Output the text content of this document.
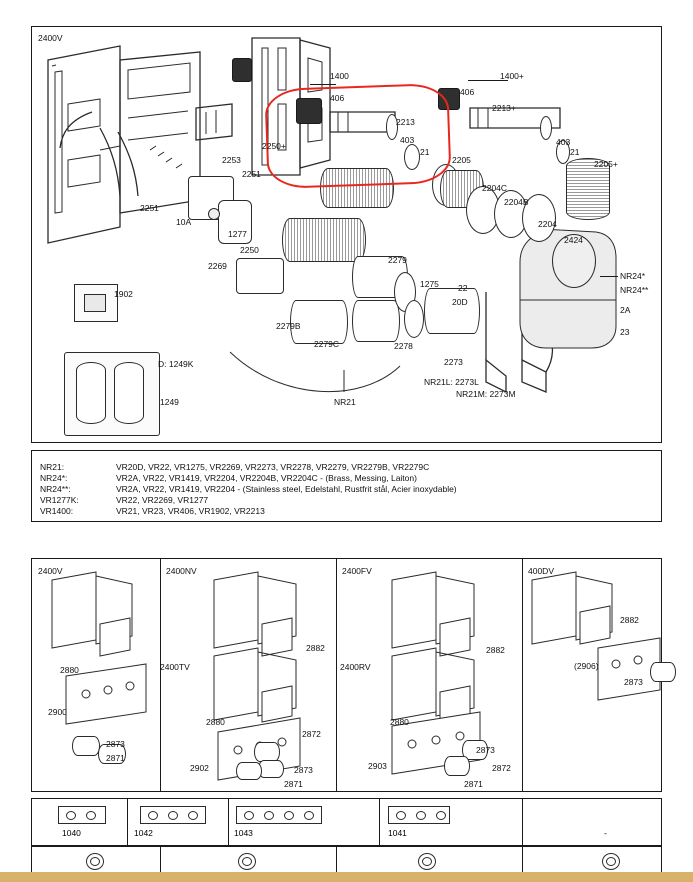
2400V
1400	1400+
406
406
2213
2213+
403	403
21	21
2205	2205+
2250+
2253
2251
2251
10A
1277
2250
2269
2279
1275 22
20D
2279B
2279C	2278
2273
NR21
NR21L: 2273L
NR21M: 2273M
2204C
2204B
2204
2424
NR24*
NR24**
2A
23
1902
D: 1249K
1249
NR21:	VR20D, VR22, VR1275, VR2269, VR2273, VR2278, VR2279, VR2279B, VR2279C
NR24*:	VR2A, VR22, VR1419, VR2204, VR2204B, VR2204C - (Brass, Messing, Laiton)
NR24**:	VR2A, VR22, VR1419, VR2204 - (Stainless steel, Edelstahl, Rustfrit stål, Acier inoxydable)
VR1277K:	VR22, VR2269, VR1277
VR1400:	VR21, VR23, VR406, VR1902, VR2213
2400V	2400NV
2400TV
2400FV
2400RV
400DV
2880
2900
2873
2871
2882
2880
2902
2872
2873
2871
2882
2880
2903
2873
2872
2871
2882
(2906)
2873
1040	1042	1043	1041	-
